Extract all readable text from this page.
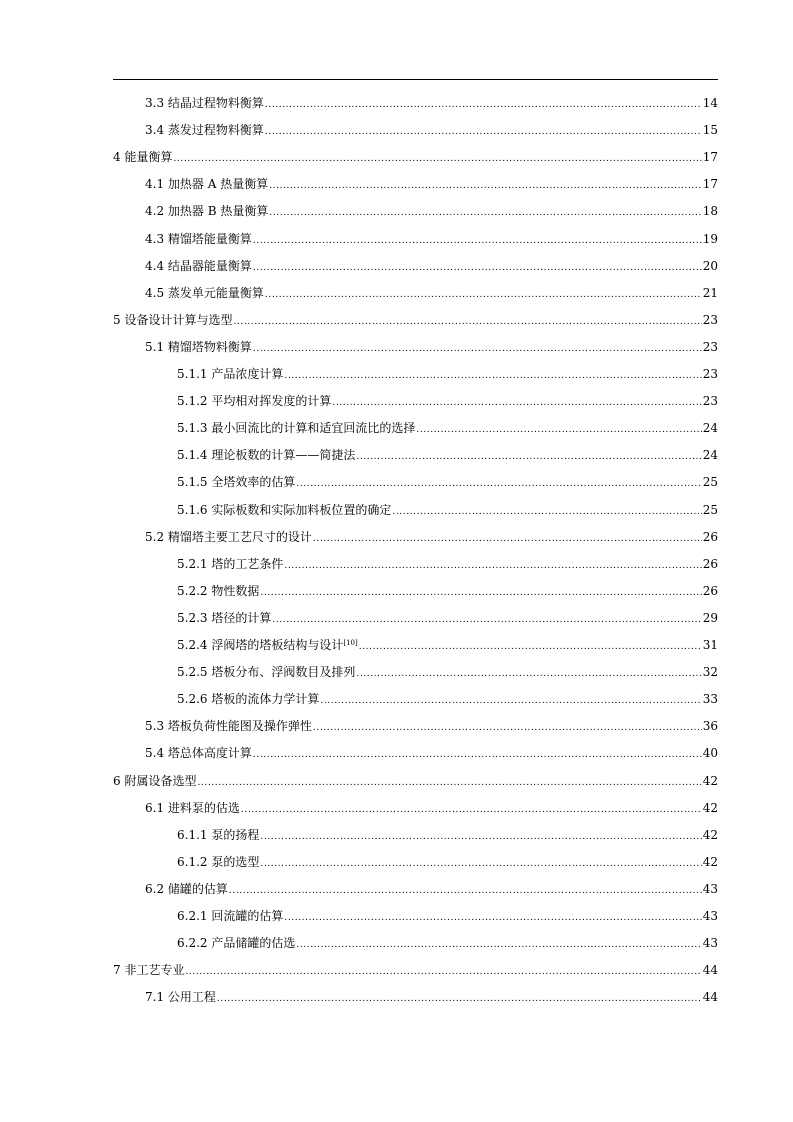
3.3 结晶过程物料衡算 .....	14
3.4 蒸发过程物料衡算 .....	15
4 能量衡算 .....	17
4.1 加热器 A 热量衡算 .....	17
4.2 加热器 B 热量衡算 .....	18
4.3 精馏塔能量衡算 .....	19
4.4 结晶器能量衡算 .....	20
4.5 蒸发单元能量衡算 .....	21
5 设备设计计算与选型 .....	23
5.1 精馏塔物料衡算 .....	23
5.1.1 产品浓度计算 .....	23
5.1.2 平均相对挥发度的计算 .....	23
5.1.3 最小回流比的计算和适宜回流比的选择 .....	24
5.1.4 理论板数的计算——简捷法 .....	24
5.1.5 全塔效率的估算 .....	25
5.1.6 实际板数和实际加料板位置的确定 .....	25
5.2 精馏塔主要工艺尺寸的设计 .....	26
5.2.1 塔的工艺条件 .....	26
5.2.2 物性数据 .....	26
5.2.3 塔径的计算 .....	29
5.2.4 浮阀塔的塔板结构与设计[10] .....	31
5.2.5 塔板分布、浮阀数目及排列 .....	32
5.2.6 塔板的流体力学计算 .....	33
5.3 塔板负荷性能图及操作弹性 .....	36
5.4 塔总体高度计算 .....	40
6 附属设备选型 .....	42
6.1 进料泵的估选 .....	42
6.1.1 泵的扬程 .....	42
6.1.2 泵的选型 .....	42
6.2 储罐的估算 .....	43
6.2.1 回流罐的估算 .....	43
6.2.2 产品储罐的估选 .....	43
7 非工艺专业 .....	44
7.1 公用工程 .....	44
